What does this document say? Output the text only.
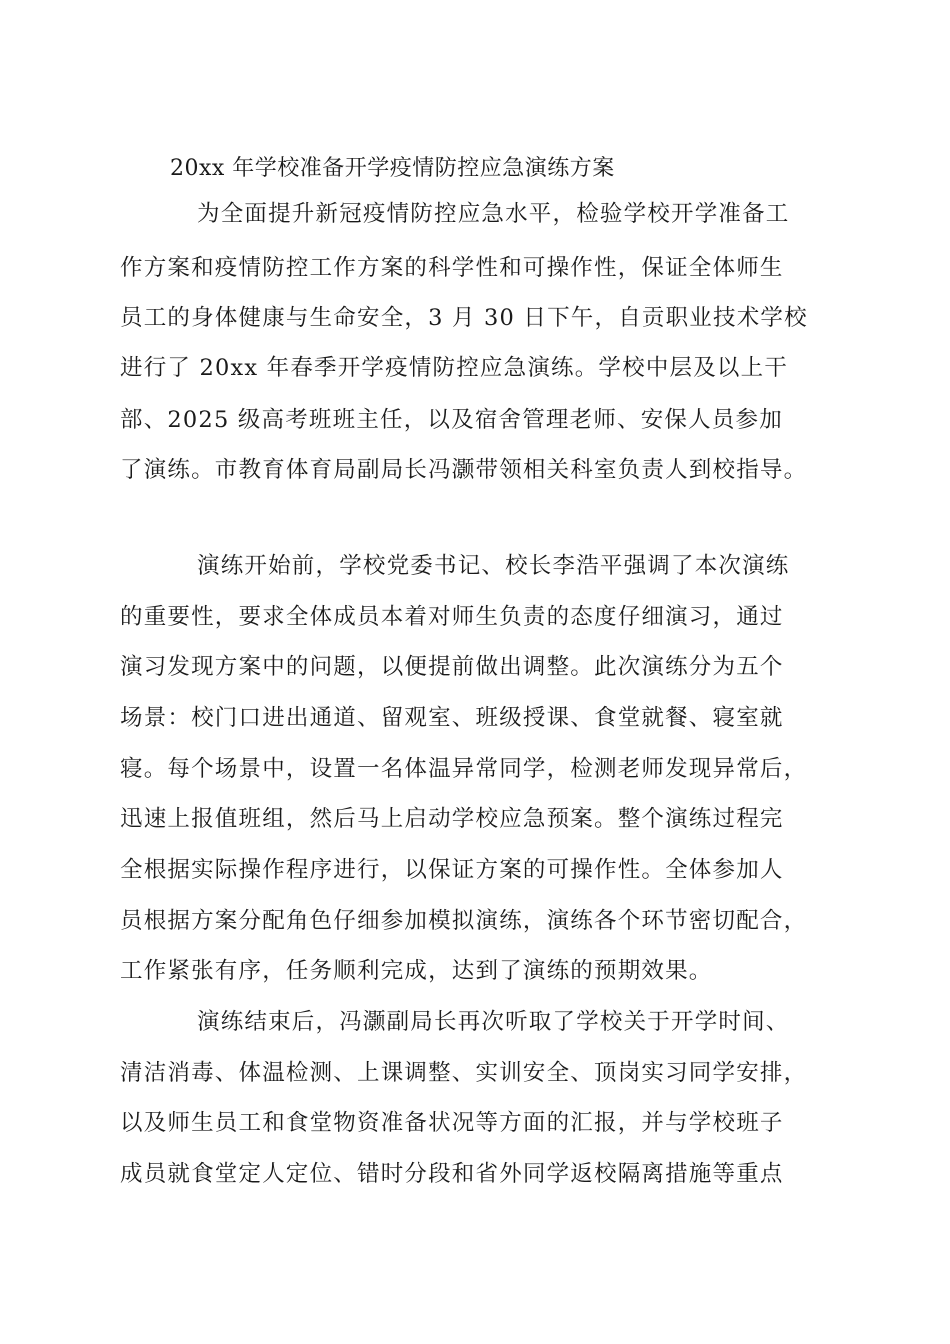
20xx 年学校准备开学疫情防控应急演练方案
为全面提升新冠疫情防控应急水平，检验学校开学准备工
作方案和疫情防控工作方案的科学性和可操作性，保证全体师生
员工的身体健康与生命安全，3 月 30 日下午，自贡职业技术学校
进行了 20xx 年春季开学疫情防控应急演练。学校中层及以上干
部、2025 级高考班班主任，以及宿舍管理老师、安保人员参加
了演练。市教育体育局副局长冯灏带领相关科室负责人到校指导。
演练开始前，学校党委书记、校长李浩平强调了本次演练
的重要性，要求全体成员本着对师生负责的态度仔细演习，通过
演习发现方案中的问题，以便提前做出调整。此次演练分为五个
场景：校门口进出通道、留观室、班级授课、食堂就餐、寝室就
寝。每个场景中，设置一名体温异常同学，检测老师发现异常后，
迅速上报值班组，然后马上启动学校应急预案。整个演练过程完
全根据实际操作程序进行，以保证方案的可操作性。全体参加人
员根据方案分配角色仔细参加模拟演练，演练各个环节密切配合，
工作紧张有序，任务顺利完成，达到了演练的预期效果。
演练结束后，冯灏副局长再次听取了学校关于开学时间、
清洁消毒、体温检测、上课调整、实训安全、顶岗实习同学安排，
以及师生员工和食堂物资准备状况等方面的汇报，并与学校班子
成员就食堂定人定位、错时分段和省外同学返校隔离措施等重点
